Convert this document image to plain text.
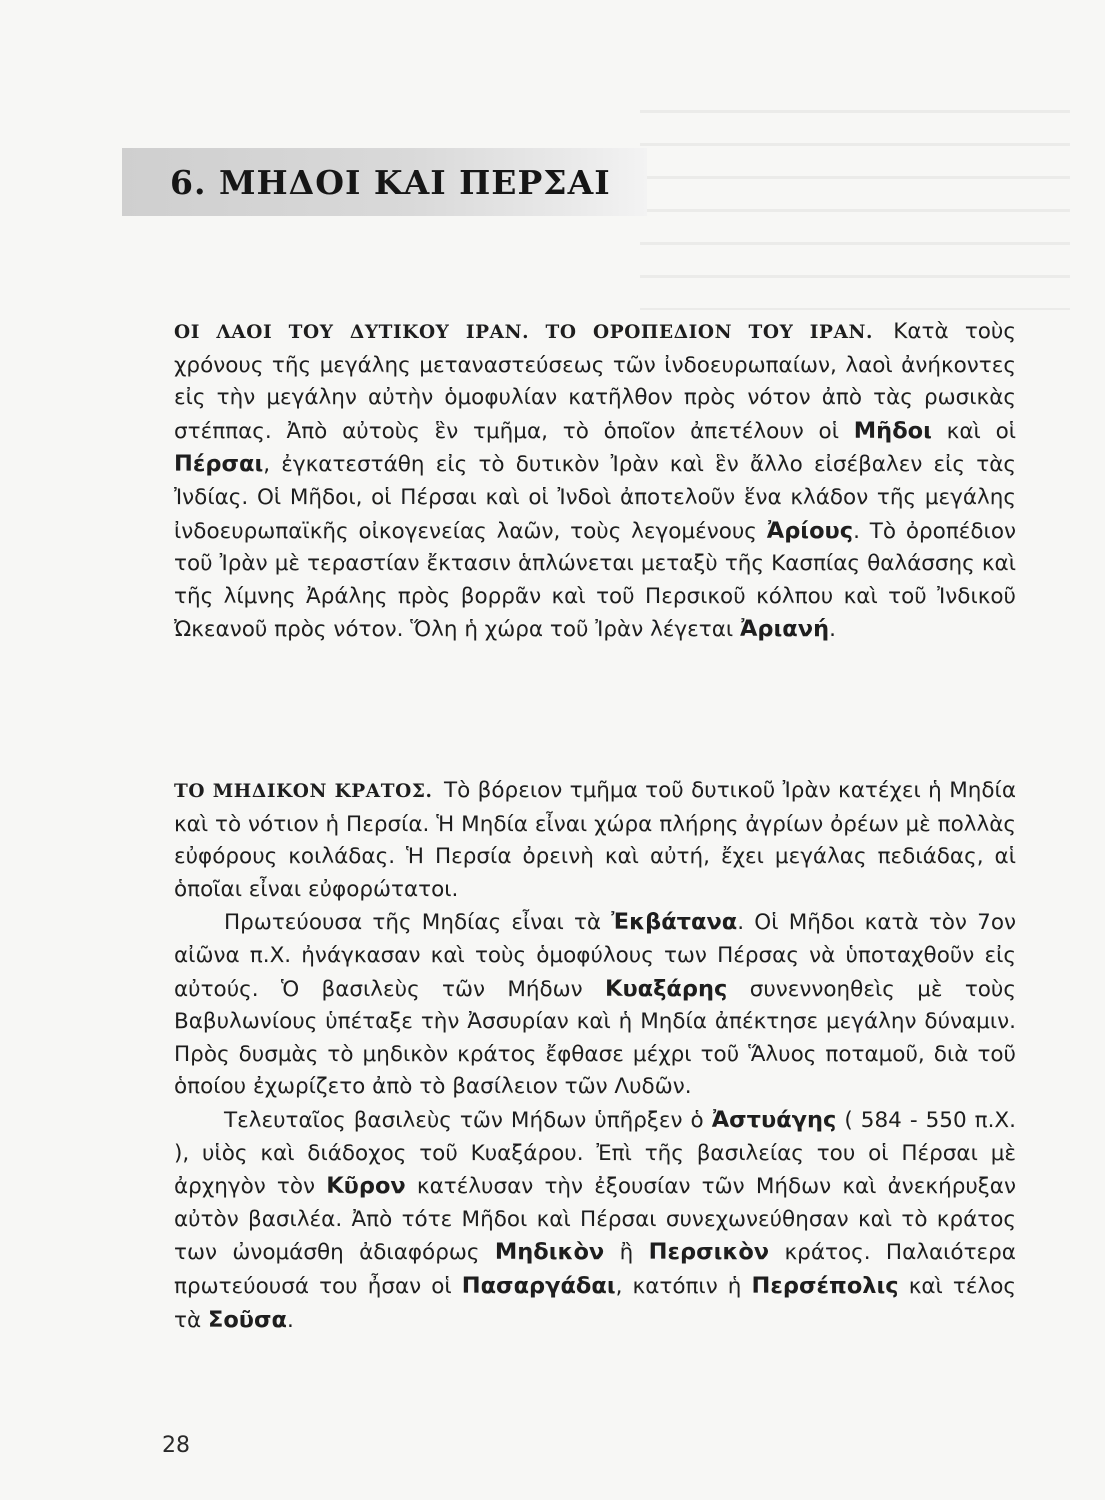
6. ΜΗΔΟΙ ΚΑΙ ΠΕΡΣΑΙ

ΟΙ ΛΑΟΙ ΤΟΥ ΔΥΤΙΚΟΥ ΙΡΑΝ. ΤΟ ΟΡΟΠΕΔΙΟΝ ΤΟΥ ΙΡΑΝ. Κατὰ τοὺς χρόνους τῆς μεγάλης μεταναστεύσεως τῶν ἰνδοευρωπαίων, λαοὶ ἀνήκοντες εἰς τὴν μεγάλην αὐτὴν ὁμοφυλίαν κατῆλθον πρὸς νότον ἀπὸ τὰς ρωσικὰς στέππας. Ἀπὸ αὐτοὺς ἓν τμῆμα, τὸ ὁποῖον ἀπετέλουν οἱ Μῆδοι καὶ οἱ Πέρσαι, ἐγκατεστάθη εἰς τὸ δυτικὸν Ἰρὰν καὶ ἓν ἄλλο εἰσέβαλεν εἰς τὰς Ἰνδίας. Οἱ Μῆδοι, οἱ Πέρσαι καὶ οἱ Ἰνδοὶ ἀποτελοῦν ἕνα κλάδον τῆς μεγάλης ἰνδοευρωπαϊκῆς οἰκογενείας λαῶν, τοὺς λεγομένους Ἀρίους. Τὸ ὀροπέδιον τοῦ Ἰρὰν μὲ τεραστίαν ἔκτασιν ἁπλώνεται μεταξὺ τῆς Κασπίας θαλάσσης καὶ τῆς λίμνης Ἀράλης πρὸς βορρᾶν καὶ τοῦ Περσικοῦ κόλπου καὶ τοῦ Ἰνδικοῦ Ὠκεανοῦ πρὸς νότον. Ὅλη ἡ χώρα τοῦ Ἰρὰν λέγεται Ἀριανή.

ΤΟ ΜΗΔΙΚΟΝ ΚΡΑΤΟΣ. Τὸ βόρειον τμῆμα τοῦ δυτικοῦ Ἰρὰν κατέχει ἡ Μηδία καὶ τὸ νότιον ἡ Περσία. Ἡ Μηδία εἶναι χώρα πλήρης ἀγρίων ὀρέων μὲ πολλὰς εὐφόρους κοιλάδας. Ἡ Περσία ὀρεινὴ καὶ αὐτή, ἔχει μεγάλας πεδιάδας, αἱ ὁποῖαι εἶναι εὐφορώτατοι.

Πρωτεύουσα τῆς Μηδίας εἶναι τὰ Ἐκβάτανα. Οἱ Μῆδοι κατὰ τὸν 7ον αἰῶνα π.Χ. ἠνάγκασαν καὶ τοὺς ὁμοφύλους των Πέρσας νὰ ὑποταχθοῦν εἰς αὐτούς. Ὁ βασιλεὺς τῶν Μήδων Κυαξάρης συνεννοηθεὶς μὲ τοὺς Βαβυλωνίους ὑπέταξε τὴν Ἀσσυρίαν καὶ ἡ Μηδία ἀπέκτησε μεγάλην δύναμιν. Πρὸς δυσμὰς τὸ μηδικὸν κράτος ἔφθασε μέχρι τοῦ Ἅλυος ποταμοῦ, διὰ τοῦ ὁποίου ἐχωρίζετο ἀπὸ τὸ βασίλειον τῶν Λυδῶν.

Τελευταῖος βασιλεὺς τῶν Μήδων ὑπῆρξεν ὁ Ἀστυάγης ( 584 - 550 π.Χ. ), υἱὸς καὶ διάδοχος τοῦ Κυαξάρου. Ἐπὶ τῆς βασιλείας του οἱ Πέρσαι μὲ ἀρχηγὸν τὸν Κῦρον κατέλυσαν τὴν ἐξουσίαν τῶν Μήδων καὶ ἀνεκήρυξαν αὐτὸν βασιλέα. Ἀπὸ τότε Μῆδοι καὶ Πέρσαι συνεχωνεύθησαν καὶ τὸ κράτος των ὠνομάσθη ἀδιαφόρως Μηδικὸν ἢ Περσικὸν κράτος. Παλαιότερα πρωτεύουσά του ἦσαν οἱ Πασαργάδαι, κατόπιν ἡ Περσέπολις καὶ τέλος τὰ Σοῦσα.

28
